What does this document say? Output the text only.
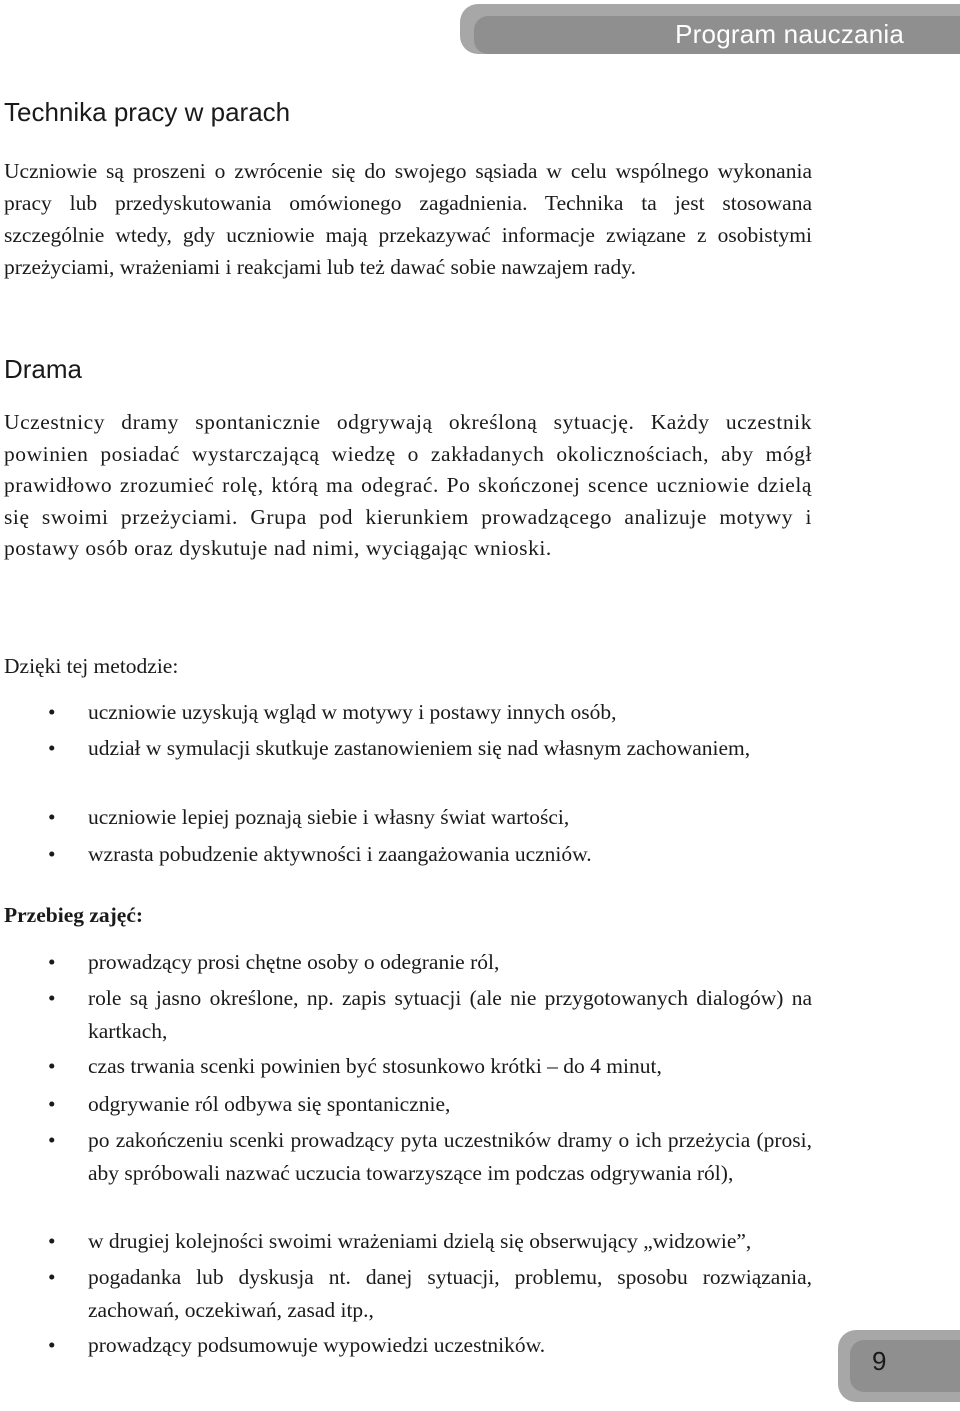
Program nauczania
Technika pracy w parach

Uczniowie są proszeni o zwrócenie się do swojego sąsiada w celu wspólnego wykonania pracy lub przedyskutowania omówionego zagadnienia. Technika ta jest stosowana szczególnie wtedy, gdy uczniowie mają przekazywać informacje związane z osobistymi przeżyciami, wrażeniami i reakcjami lub też dawać sobie nawzajem rady.

Drama

Uczestnicy dramy spontanicznie odgrywają określoną sytuację. Każdy uczestnik powinien posiadać wystarczającą wiedzę o zakładanych okolicznościach, aby mógł prawidłowo zrozumieć rolę, którą ma odegrać. Po skończonej scence uczniowie dzielą się swoimi przeżyciami. Grupa pod kierunkiem prowadzącego analizuje motywy i postawy osób oraz dyskutuje nad nimi, wyciągając wnioski.

Dzięki tej metodzie:

• uczniowie uzyskują wgląd w motywy i postawy innych osób,

• udział w symulacji skutkuje zastanowieniem się nad własnym zachowaniem,

• uczniowie lepiej poznają siebie i własny świat wartości,

• wzrasta pobudzenie aktywności i zaangażowania uczniów.

Przebieg zajęć:

• prowadzący prosi chętne osoby o odegranie ról,

• role są jasno określone, np. zapis sytuacji (ale nie przygotowanych dialogów) na kartkach,

• czas trwania scenki powinien być stosunkowo krótki – do 4 minut,

• odgrywanie ról odbywa się spontanicznie,

• po zakończeniu scenki prowadzący pyta uczestników dramy o ich przeżycia (prosi, aby spróbowali nazwać uczucia towarzyszące im podczas odgrywania ról),

• w drugiej kolejności swoimi wrażeniami dzielą się obserwujący „widzowie”,

• pogadanka lub dyskusja nt. danej sytuacji, problemu, sposobu rozwiązania, zachowań, oczekiwań, zasad itp.,

• prowadzący podsumowuje wypowiedzi uczestników.

9
